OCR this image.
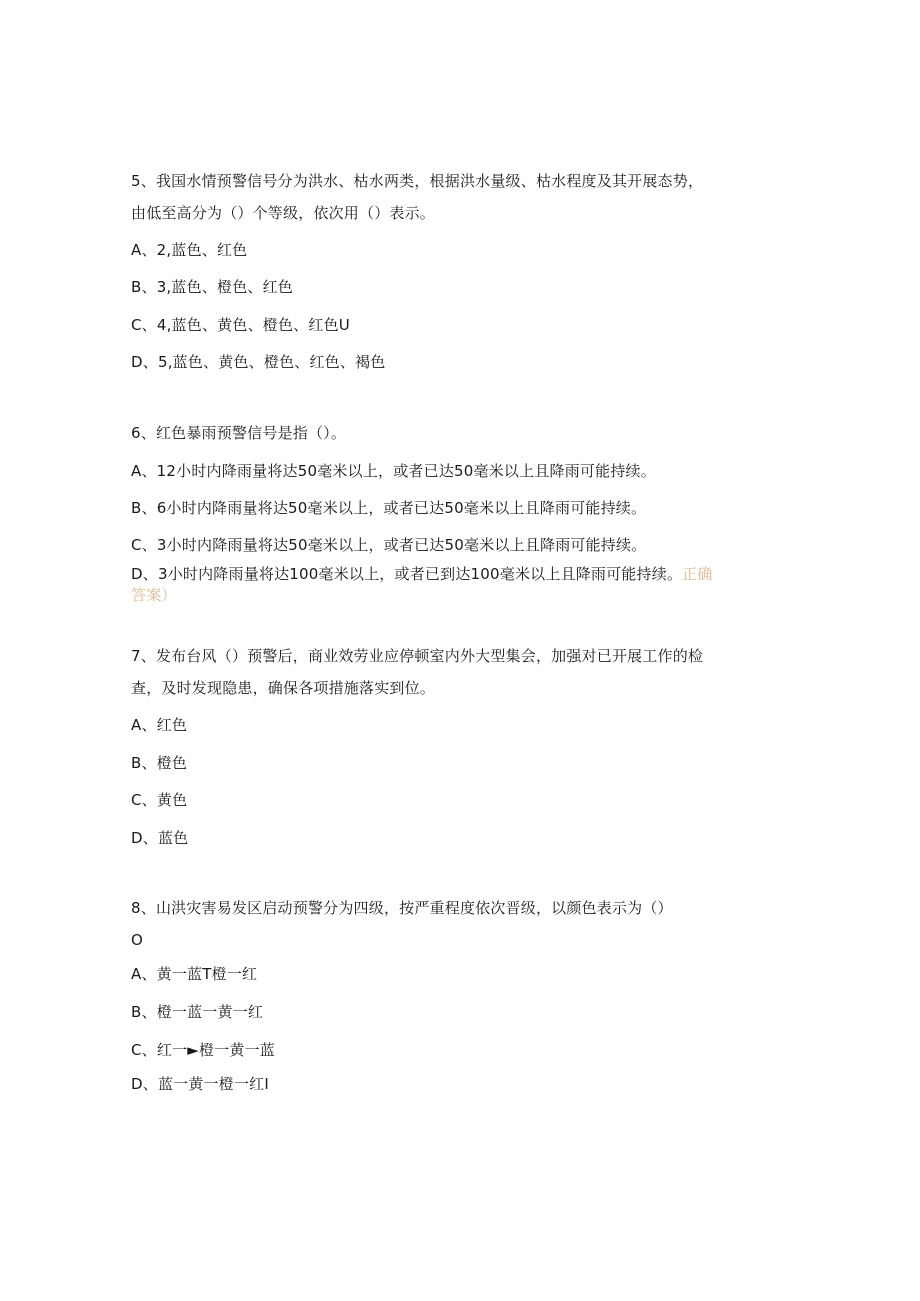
5、我国水情预警信号分为洪水、枯水两类，根据洪水量级、枯水程度及其开展态势，
由低至高分为（）个等级，依次用（）表示。
A、2,蓝色、红色
B、3,蓝色、橙色、红色
C、4,蓝色、黄色、橙色、红色U
D、5,蓝色、黄色、橙色、红色、褐色
6、红色暴雨预警信号是指（）。
A、12小时内降雨量将达50毫米以上，或者已达50毫米以上且降雨可能持续。
B、6小时内降雨量将达50毫米以上，或者已达50毫米以上且降雨可能持续。
C、3小时内降雨量将达50毫米以上，或者已达50毫米以上且降雨可能持续。
D、3小时内降雨量将达100毫米以上，或者已到达100毫米以上且降雨可能持续。正确
答案）
7、发布台风（）预警后，商业效劳业应停顿室内外大型集会，加强对已开展工作的检
查，及时发现隐患，确保各项措施落实到位。
A、红色
B、橙色
C、黄色
D、蓝色
8、山洪灾害易发区启动预警分为四级，按严重程度依次晋级，以颜色表示为（）
O
A、黄一蓝T橙一红
B、橙一蓝一黄一红
C、红一►橙一黄一蓝
D、蓝一黄一橙一红I
